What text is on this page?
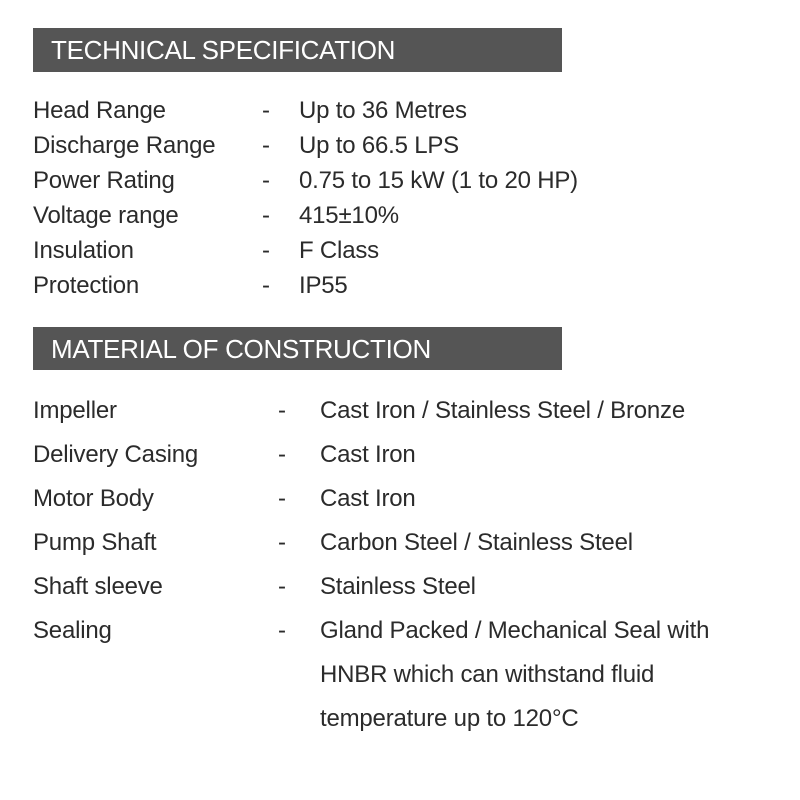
TECHNICAL SPECIFICATION
Head Range	- Up to 36 Metres
Discharge Range - Up to 66.5 LPS
Power Rating	- 0.75 to 15 kW (1 to 20 HP)
Voltage range	- 415±10%
Insulation	- F Class
Protection	- IP55
MATERIAL OF CONSTRUCTION
Impeller	- Cast Iron / Stainless Steel / Bronze
Delivery Casing	- Cast Iron
Motor Body	- Cast Iron
Pump Shaft	- Carbon Steel / Stainless Steel
Shaft sleeve	- Stainless Steel
Sealing	- Gland Packed / Mechanical Seal with
HNBR which can withstand fluid
temperature up to 120°C
